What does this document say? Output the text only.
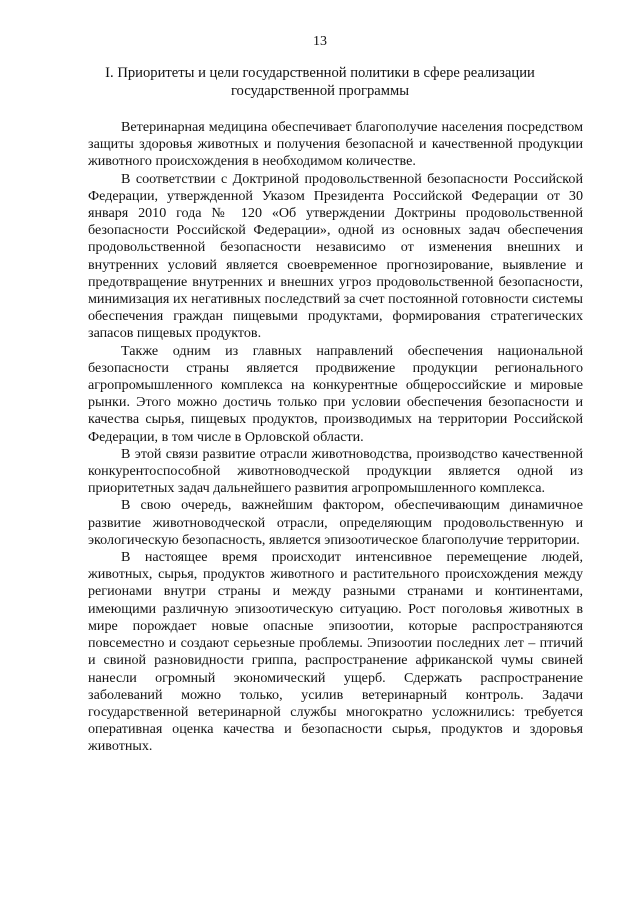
13
I. Приоритеты и цели государственной политики в сфере реализации
государственной программы

Ветеринарная медицина обеспечивает благополучие населения посредством защиты здоровья животных и получения безопасной и качественной продукции животного происхождения в необходимом количестве.

В соответствии с Доктриной продовольственной безопасности Российской Федерации, утвержденной Указом Президента Российской Федерации от 30 января 2010 года № 120 «Об утверждении Доктрины продовольственной безопасности Российской Федерации», одной из основных задач обеспечения продовольственной безопасности независимо от изменения внешних и внутренних условий является своевременное прогнозирование, выявление и предотвращение внутренних и внешних угроз продовольственной безопасности, минимизация их негативных последствий за счет постоянной готовности системы обеспечения граждан пищевыми продуктами, формирования стратегических запасов пищевых продуктов.

Также одним из главных направлений обеспечения национальной безопасности страны является продвижение продукции регионального агропромышленного комплекса на конкурентные общероссийские и мировые рынки. Этого можно достичь только при условии обеспечения безопасности и качества сырья, пищевых продуктов, производимых на территории Российской Федерации, в том числе в Орловской области.

В этой связи развитие отрасли животноводства, производство качественной конкурентоспособной животноводческой продукции является одной из приоритетных задач дальнейшего развития агропромышленного комплекса.

В свою очередь, важнейшим фактором, обеспечивающим динамичное развитие животноводческой отрасли, определяющим продовольственную и экологическую безопасность, является эпизоотическое благополучие территории.

В настоящее время происходит интенсивное перемещение людей, животных, сырья, продуктов животного и растительного происхождения между регионами внутри страны и между разными странами и континентами, имеющими различную эпизоотическую ситуацию. Рост поголовья животных в мире порождает новые опасные эпизоотии, которые распространяются повсеместно и создают серьезные проблемы. Эпизоотии последних лет – птичий и свиной разновидности гриппа, распространение африканской чумы свиней нанесли огромный экономический ущерб. Сдержать распространение заболеваний можно только, усилив ветеринарный контроль. Задачи государственной ветеринарной службы многократно усложнились: требуется оперативная оценка качества и безопасности сырья, продуктов и здоровья животных.
